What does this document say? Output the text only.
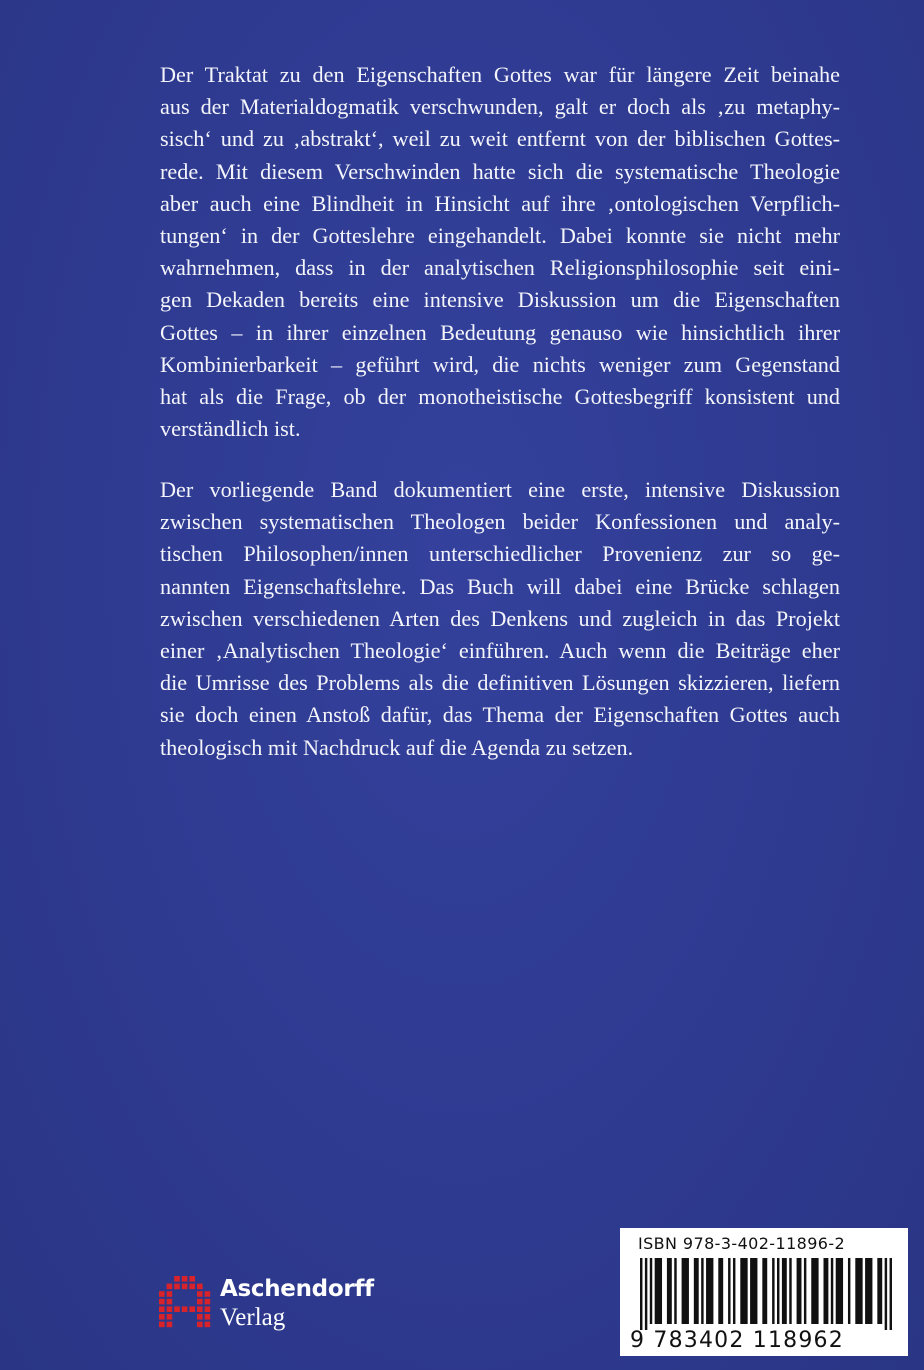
Der Traktat zu den Eigenschaften Gottes war für längere Zeit beinahe
aus der Materialdogmatik verschwunden, galt er doch als ‚zu metaphy-
sisch‘ und zu ‚abstrakt‘, weil zu weit entfernt von der biblischen Gottes-
rede. Mit diesem Verschwinden hatte sich die systematische Theologie
aber auch eine Blindheit in Hinsicht auf ihre ‚ontologischen Verpflich-
tungen‘ in der Gotteslehre eingehandelt. Dabei konnte sie nicht mehr
wahrnehmen, dass in der analytischen Religionsphilosophie seit eini-
gen Dekaden bereits eine intensive Diskussion um die Eigenschaften
Gottes – in ihrer einzelnen Bedeutung genauso wie hinsichtlich ihrer
Kombinierbarkeit – geführt wird, die nichts weniger zum Gegenstand
hat als die Frage, ob der monotheistische Gottesbegriff konsistent und
verständlich ist.
Der vorliegende Band dokumentiert eine erste, intensive Diskussion
zwischen systematischen Theologen beider Konfessionen und analy-
tischen Philosophen/innen unterschiedlicher Provenienz zur so ge-
nannten Eigenschaftslehre. Das Buch will dabei eine Brücke schlagen
zwischen verschiedenen Arten des Denkens und zugleich in das Projekt
einer ‚Analytischen Theologie‘ einführen. Auch wenn die Beiträge eher
die Umrisse des Problems als die definitiven Lösungen skizzieren, liefern
sie doch einen Anstoß dafür, das Thema der Eigenschaften Gottes auch
theologisch mit Nachdruck auf die Agenda zu setzen.
Aschendorff
Verlag
ISBN 978-3-402-11896-2
9 783402 118962
